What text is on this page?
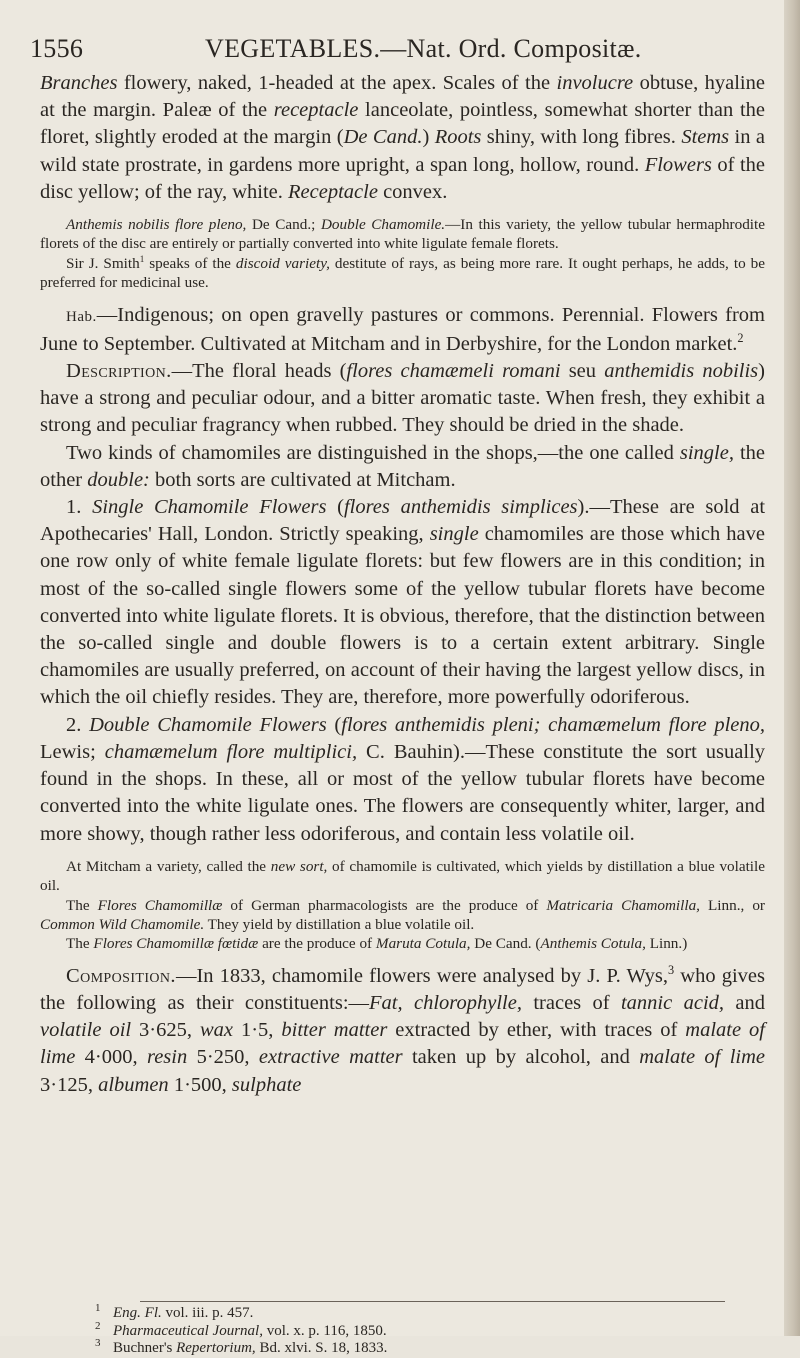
1556	VEGETABLES.—Nat. Ord. Compositæ.

Branches flowery, naked, 1-headed at the apex. Scales of the involucre obtuse, hyaline at the margin. Paleæ of the receptacle lanceolate, pointless, somewhat shorter than the floret, slightly eroded at the margin (De Cand.) Roots shiny, with long fibres. Stems in a wild state prostrate, in gardens more upright, a span long, hollow, round. Flowers of the disc yellow; of the ray, white. Receptacle convex.

Anthemis nobilis flore pleno, De Cand.; Double Chamomile.—In this variety, the yellow tubular hermaphrodite florets of the disc are entirely or partially converted into white ligulate female florets.

Sir J. Smith$^1$ speaks of the discoid variety, destitute of rays, as being more rare. It ought perhaps, he adds, to be preferred for medicinal use.

Hab.—Indigenous; on open gravelly pastures or commons. Perennial. Flowers from June to September. Cultivated at Mitcham and in Derbyshire, for the London market.$^2$

Description.—The floral heads (flores chamæmeli romani seu anthemidis nobilis) have a strong and peculiar odour, and a bitter aromatic taste. When fresh, they exhibit a strong and peculiar fragrancy when rubbed. They should be dried in the shade.

Two kinds of chamomiles are distinguished in the shops,—the one called single, the other double: both sorts are cultivated at Mitcham.

1. Single Chamomile Flowers (flores anthemidis simplices).—These are sold at Apothecaries' Hall, London. Strictly speaking, single chamomiles are those which have one row only of white female ligulate florets: but few flowers are in this condition; in most of the so-called single flowers some of the yellow tubular florets have become converted into white ligulate florets. It is obvious, therefore, that the distinction between the so-called single and double flowers is to a certain extent arbitrary. Single chamomiles are usually preferred, on account of their having the largest yellow discs, in which the oil chiefly resides. They are, therefore, more powerfully odoriferous.

2. Double Chamomile Flowers (flores anthemidis pleni; chamæmelum flore pleno, Lewis; chamæmelum flore multiplici, C. Bauhin).—These constitute the sort usually found in the shops. In these, all or most of the yellow tubular florets have become converted into the white ligulate ones. The flowers are consequently whiter, larger, and more showy, though rather less odoriferous, and contain less volatile oil.

At Mitcham a variety, called the new sort, of chamomile is cultivated, which yields by distillation a blue volatile oil.

The Flores Chamomillæ of German pharmacologists are the produce of Matricaria Chamomilla, Linn., or Common Wild Chamomile. They yield by distillation a blue volatile oil.

The Flores Chamomillæ fœtidæ are the produce of Maruta Cotula, De Cand. (Anthemis Cotula, Linn.)

Composition.—In 1833, chamomile flowers were analysed by J. P. Wys,$^3$ who gives the following as their constituents:—Fat, chlorophylle, traces of tannic acid, and volatile oil 3·625, wax 1·5, bitter matter extracted by ether, with traces of malate of lime 4·000, resin 5·250, extractive matter taken up by alcohol, and malate of lime 3·125, albumen 1·500, sulphate

1 Eng. Fl. vol. iii. p. 457.
2 Pharmaceutical Journal, vol. x. p. 116, 1850.
3 Buchner's Repertorium, Bd. xlvi. S. 18, 1833.
